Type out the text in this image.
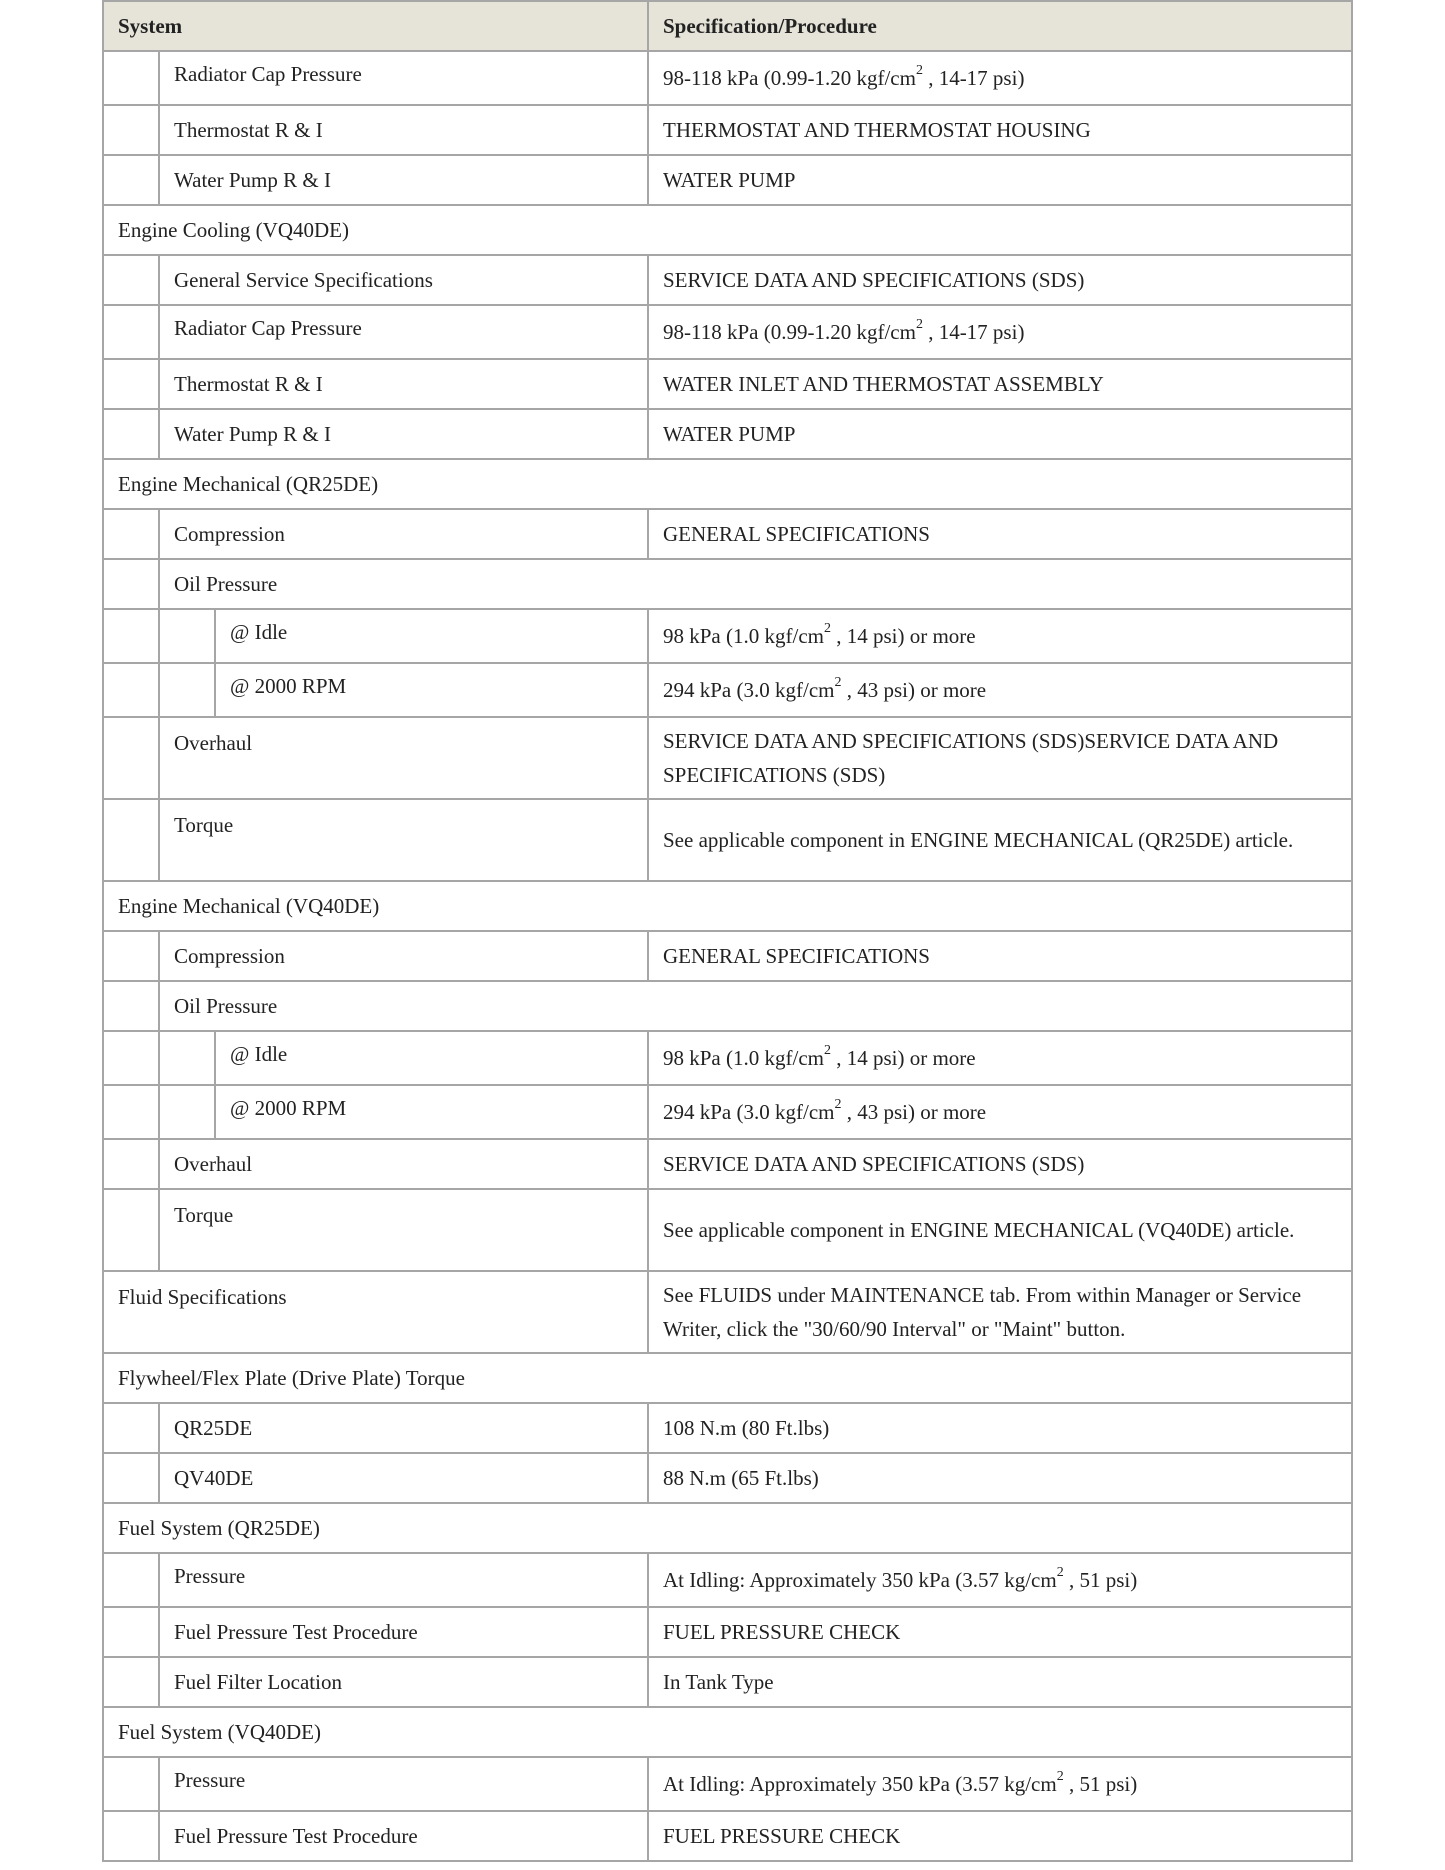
System			Specification/Procedure

	Radiator Cap Pressure		98-118 kPa (0.99-1.20 kgf/$cm^2$ , 14-17 psi)
	Thermostat R & I		THERMOSTAT AND THERMOSTAT HOUSING
	Water Pump R & I		WATER PUMP
Engine Cooling (VQ40DE)			
	General Service Specifications		SERVICE DATA AND SPECIFICATIONS (SDS)

	Radiator Cap Pressure		98-118 kPa (0.99-1.20 kgf/$cm^2$ , 14-17 psi)
	Thermostat R & I		WATER INLET AND THERMOSTAT ASSEMBLY
	Water Pump R & I		WATER PUMP
Engine Mechanical (QR25DE)			
	Compression		GENERAL SPECIFICATIONS
	Oil Pressure		

		@ Idle	98 kPa (1.0 kgf/$cm^2$ , 14 psi) or more

		@ 2000 RPM	294 kPa (3.0 kgf/$cm^2$ , 43 psi) or more

	Overhaul		SERVICE DATA AND SPECIFICATIONS (SDS)SERVICE DATA AND SPECIFICATIONS (SDS)

	Torque		See applicable component in ENGINE MECHANICAL (QR25DE) article.
Engine Mechanical (VQ40DE)			
	Compression		GENERAL SPECIFICATIONS
	Oil Pressure		

		@ Idle	98 kPa (1.0 kgf/$cm^2$ , 14 psi) or more

		@ 2000 RPM	294 kPa (3.0 kgf/$cm^2$ , 43 psi) or more
	Overhaul		SERVICE DATA AND SPECIFICATIONS (SDS)

	Torque		See applicable component in ENGINE MECHANICAL (VQ40DE) article.

Fluid Specifications			See FLUIDS under MAINTENANCE tab. From within Manager or Service Writer, click the "30/60/90 Interval" or "Maint" button.
Flywheel/Flex Plate (Drive Plate) Torque			
	QR25DE		108 N.m (80 Ft.lbs)
	QV40DE		88 N.m (65 Ft.lbs)
Fuel System (QR25DE)			

	Pressure		At Idling: Approximately 350 kPa (3.57 $kg/cm^2$ , 51 psi)
	Fuel Pressure Test Procedure		FUEL PRESSURE CHECK
	Fuel Filter Location		In Tank Type
Fuel System (VQ40DE)			

	Pressure		At Idling: Approximately 350 kPa (3.57 $kg/cm^2$ , 51 psi)
	Fuel Pressure Test Procedure		FUEL PRESSURE CHECK
